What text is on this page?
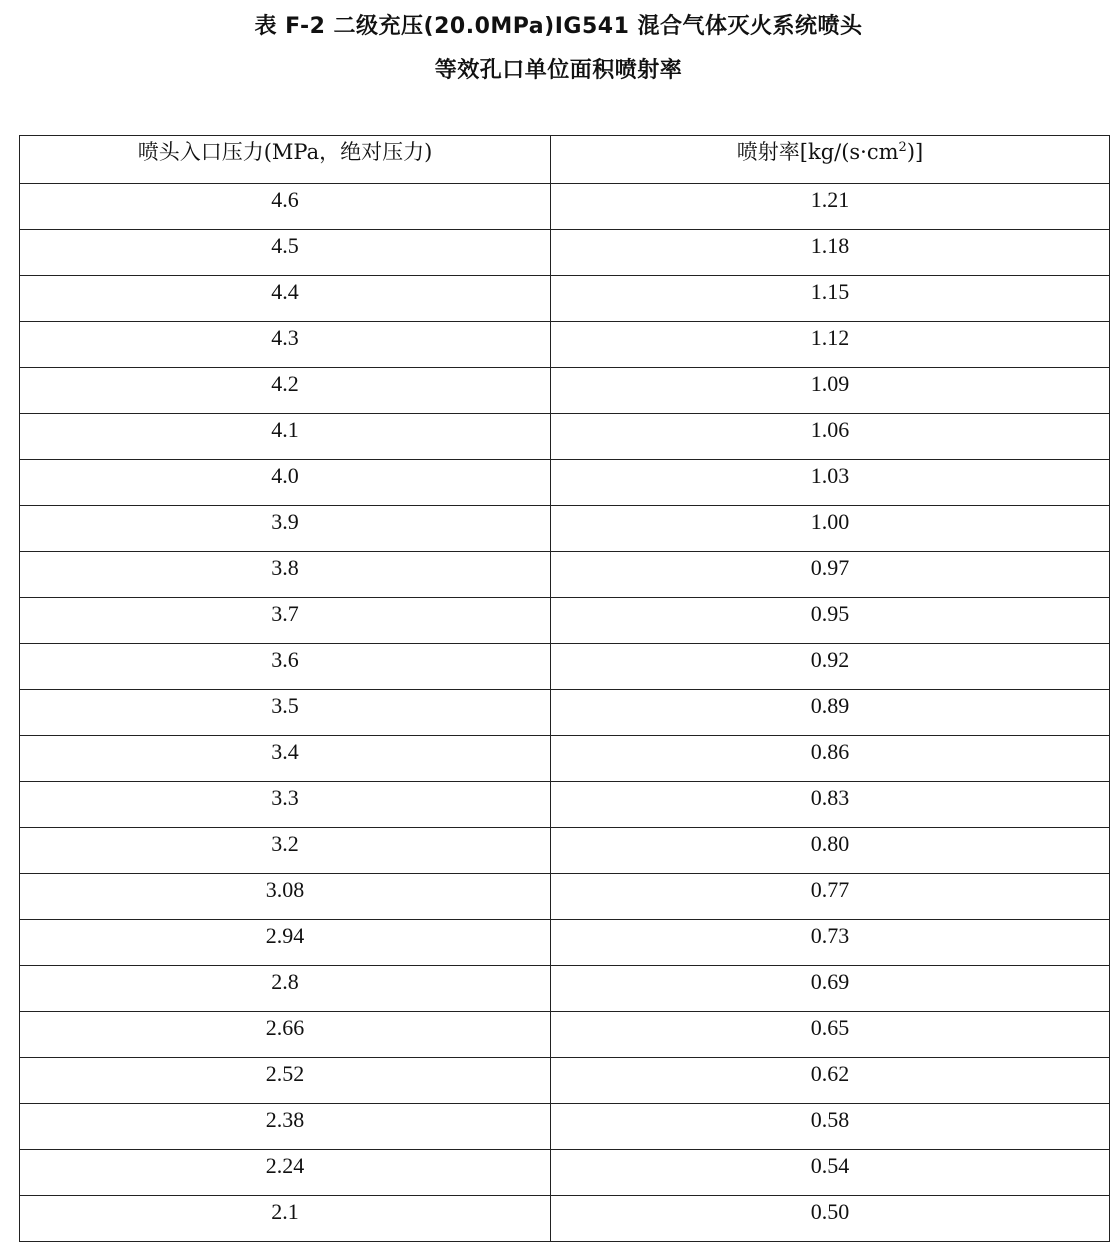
表 F-2 二级充压(20.0MPa)IG541 混合气体灭火系统喷头
等效孔口单位面积喷射率
喷头入口压力(MPa，绝对压力)	喷射率$[kg/(s\cdot cm^2)]$
4.6	1.21
4.5	1.18
4.4	1.15
4.3	1.12
4.2	1.09
4.1	1.06
4.0	1.03
3.9	1.00
3.8	0.97
3.7	0.95
3.6	0.92
3.5	0.89
3.4	0.86
3.3	0.83
3.2	0.80
3.08	0.77
2.94	0.73
2.8	0.69
2.66	0.65
2.52	0.62
2.38	0.58
2.24	0.54
2.1	0.50
